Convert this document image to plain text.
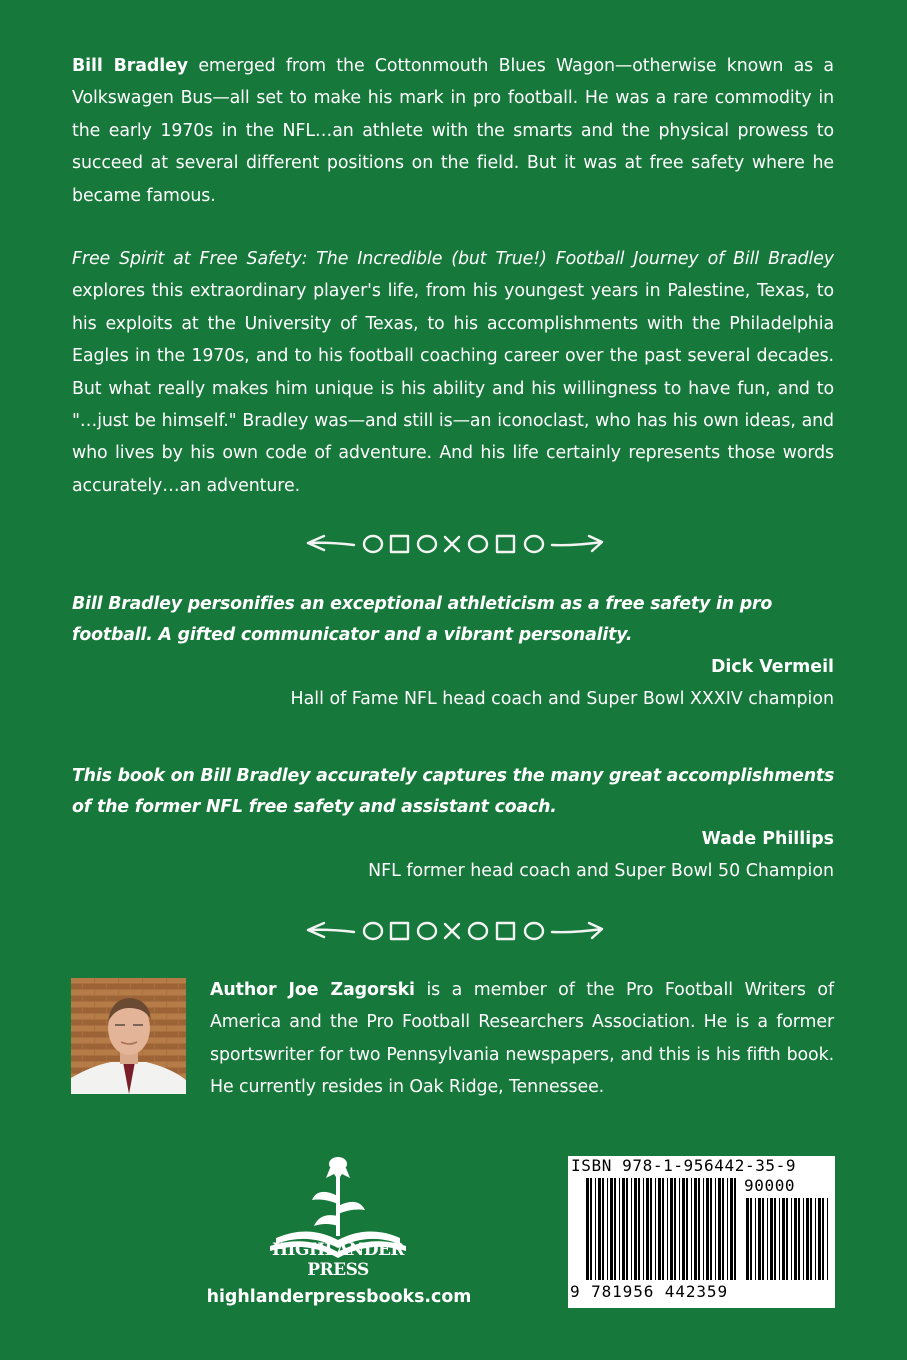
Bill Bradley emerged from the Cottonmouth Blues Wagon—otherwise known as a Volkswagen Bus—all set to make his mark in pro football. He was a rare commodity in the early 1970s in the NFL…an athlete with the smarts and the physical prowess to succeed at several different positions on the field. But it was at free safety where he became famous.

Free Spirit at Free Safety: The Incredible (but True!) Football Journey of Bill Bradley explores this extraordinary player's life, from his youngest years in Palestine, Texas, to his exploits at the University of Texas, to his accomplishments with the Philadelphia Eagles in the 1970s, and to his football coaching career over the past several decades. But what really makes him unique is his ability and his willingness to have fun, and to "…just be himself." Bradley was—and still is—an iconoclast, who has his own ideas, and who lives by his own code of adventure. And his life certainly represents those words accurately…an adventure.

Bill Bradley personifies an exceptional athleticism as a free safety in pro football. A gifted communicator and a vibrant personality.

Dick Vermeil
Hall of Fame NFL head coach and Super Bowl XXXIV champion

This book on Bill Bradley accurately captures the many great accomplishments of the former NFL free safety and assistant coach.

Wade Phillips
NFL former head coach and Super Bowl 50 Champion

Author Joe Zagorski is a member of the Pro Football Writers of America and the Pro Football Researchers Association. He is a former sportswriter for two Pennsylvania newspapers, and this is his fifth book. He currently resides in Oak Ridge, Tennessee.

HIGHLANDER
PRESS
highlanderpressbooks.com
ISBN 978-1-956442-35-9
90000
9 781956 442359
